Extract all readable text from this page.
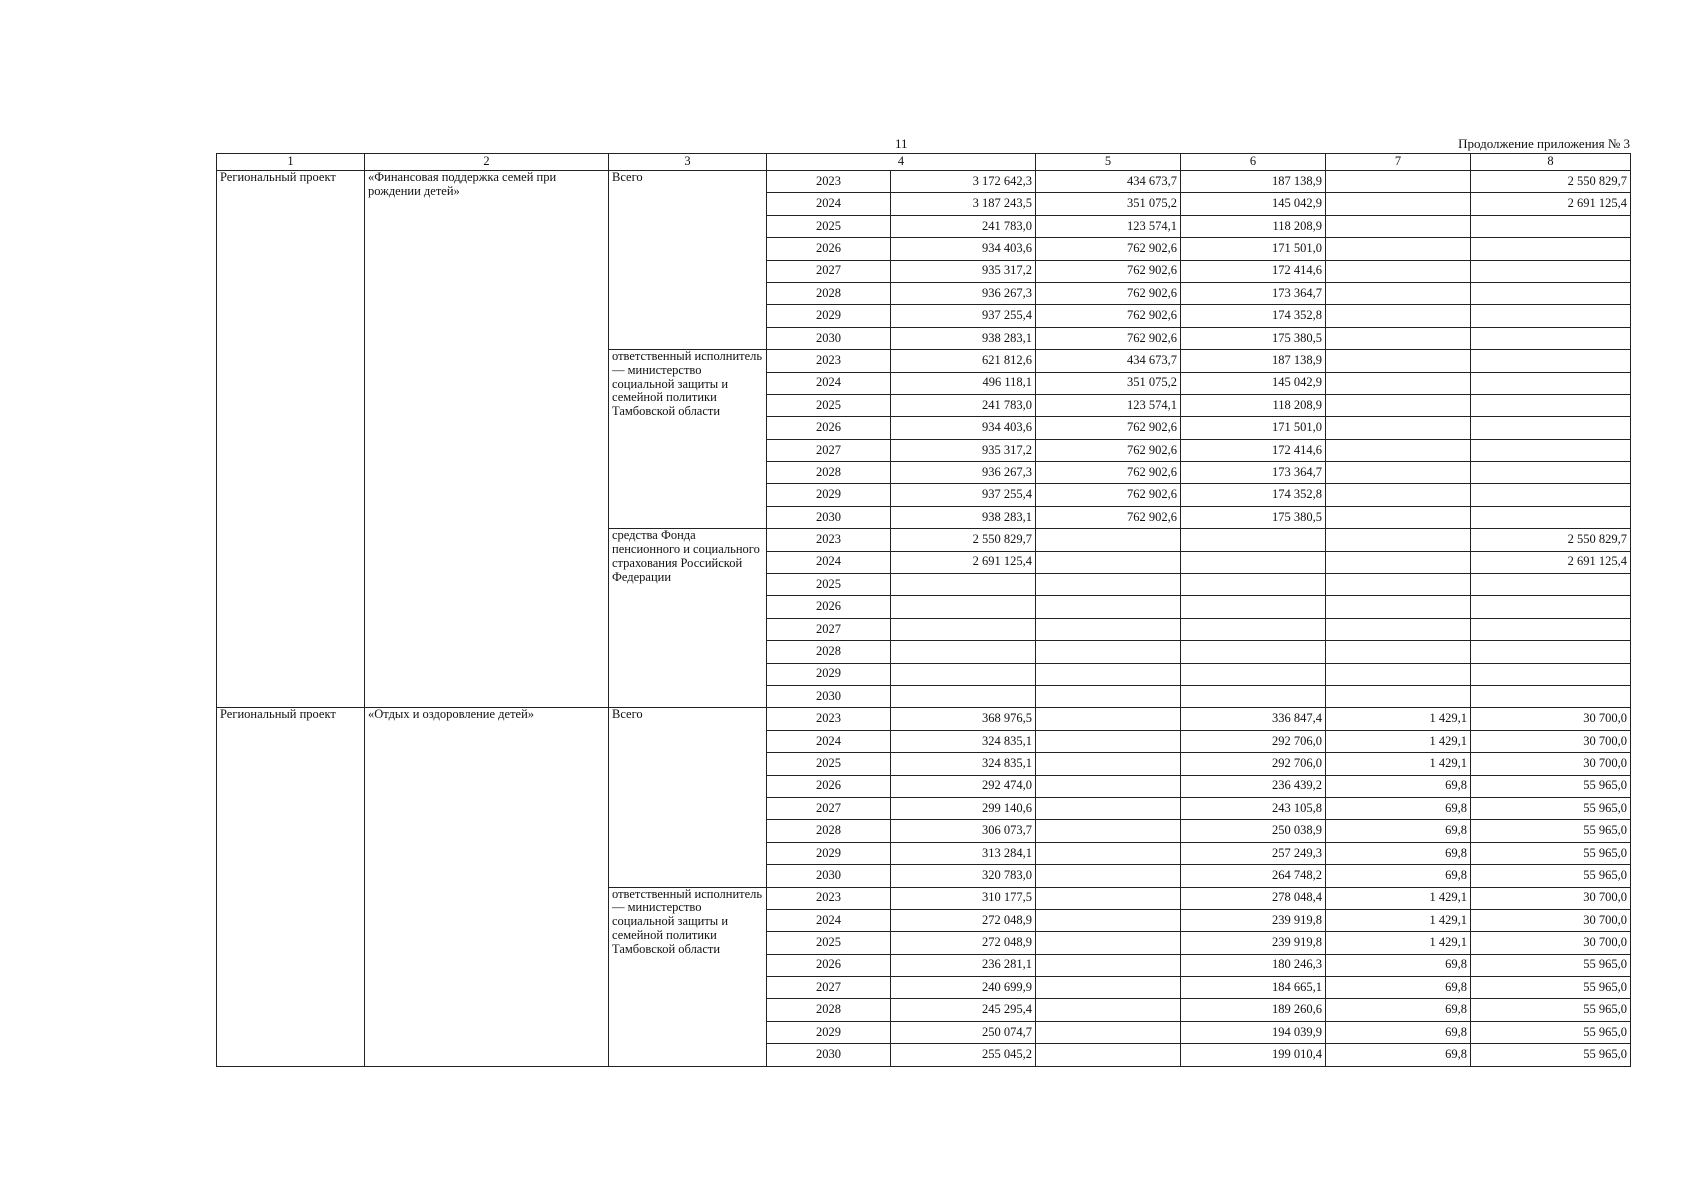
11	Продолжение приложения № 3
1	2	3	4		5	6	7	8
Региональный проект	«Финансовая поддержка семей при рождении детей»	Всего	2023	3 172 642,3	434 673,7	187 138,9		2 550 829,7
			2024	3 187 243,5	351 075,2	145 042,9		2 691 125,4
			2025	241 783,0	123 574,1	118 208,9		
			2026	934 403,6	762 902,6	171 501,0		
			2027	935 317,2	762 902,6	172 414,6		
			2028	936 267,3	762 902,6	173 364,7		
			2029	937 255,4	762 902,6	174 352,8		
			2030	938 283,1	762 902,6	175 380,5		
		ответственный исполнитель — министерство социальной защиты и семейной политики Тамбовской области	2023	621 812,6	434 673,7	187 138,9		
			2024	496 118,1	351 075,2	145 042,9		
			2025	241 783,0	123 574,1	118 208,9		
			2026	934 403,6	762 902,6	171 501,0		
			2027	935 317,2	762 902,6	172 414,6		
			2028	936 267,3	762 902,6	173 364,7		
			2029	937 255,4	762 902,6	174 352,8		
			2030	938 283,1	762 902,6	175 380,5		
		средства Фонда пенсионного и социального страхования Российской Федерации	2023	2 550 829,7				2 550 829,7
			2024	2 691 125,4				2 691 125,4
			2025					
			2026					
			2027					
			2028					
			2029					
			2030					
Региональный проект	«Отдых и оздоровление детей»	Всего	2023	368 976,5		336 847,4	1 429,1	30 700,0
			2024	324 835,1		292 706,0	1 429,1	30 700,0
			2025	324 835,1		292 706,0	1 429,1	30 700,0
			2026	292 474,0		236 439,2	69,8	55 965,0
			2027	299 140,6		243 105,8	69,8	55 965,0
			2028	306 073,7		250 038,9	69,8	55 965,0
			2029	313 284,1		257 249,3	69,8	55 965,0
			2030	320 783,0		264 748,2	69,8	55 965,0
		ответственный исполнитель — министерство социальной защиты и семейной политики Тамбовской области	2023	310 177,5		278 048,4	1 429,1	30 700,0
			2024	272 048,9		239 919,8	1 429,1	30 700,0
			2025	272 048,9		239 919,8	1 429,1	30 700,0
			2026	236 281,1		180 246,3	69,8	55 965,0
			2027	240 699,9		184 665,1	69,8	55 965,0
			2028	245 295,4		189 260,6	69,8	55 965,0
			2029	250 074,7		194 039,9	69,8	55 965,0
			2030	255 045,2		199 010,4	69,8	55 965,0
